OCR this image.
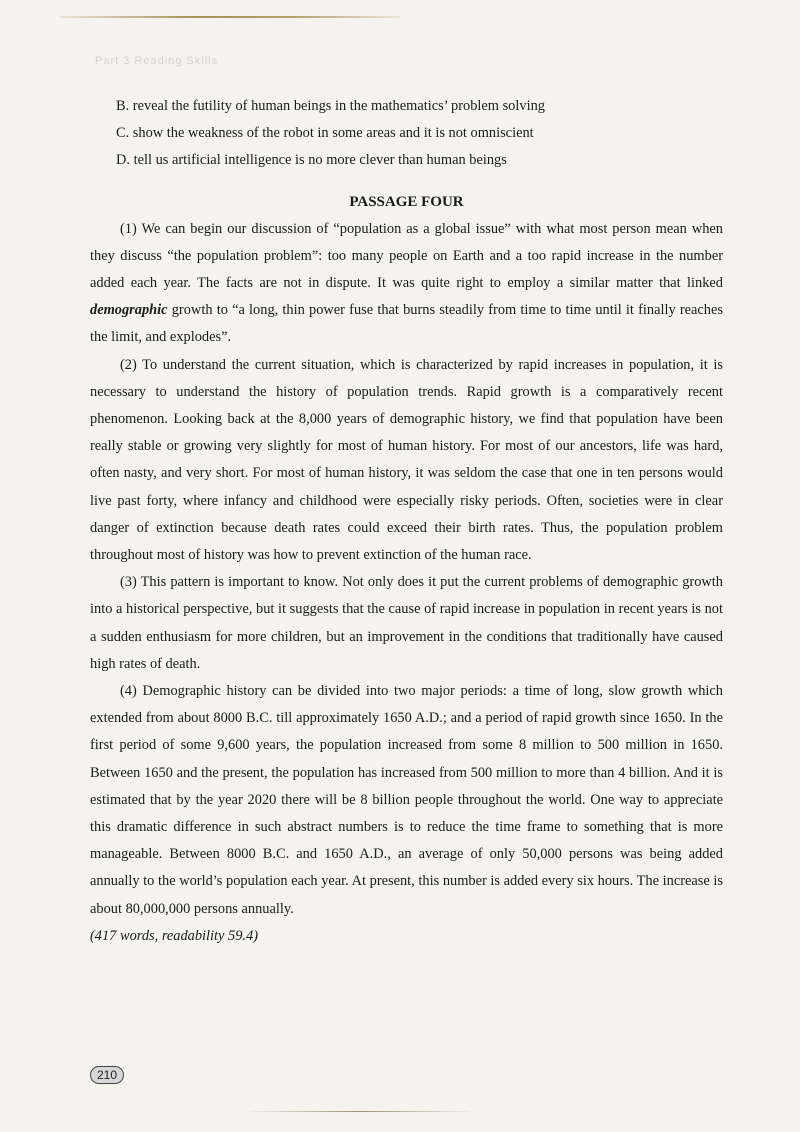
Part 3 Reading Skills

B. reveal the futility of human beings in the mathematics’ problem solving

C. show the weakness of the robot in some areas and it is not omniscient

D. tell us artificial intelligence is no more clever than human beings

PASSAGE FOUR

(1) We can begin our discussion of “population as a global issue” with what most person mean when they discuss “the population problem”: too many people on Earth and a too rapid increase in the number added each year. The facts are not in dispute. It was quite right to employ a similar matter that linked demographic growth to “a long, thin power fuse that burns steadily from time to time until it finally reaches the limit, and explodes”.

(2) To understand the current situation, which is characterized by rapid increases in population, it is necessary to understand the history of population trends. Rapid growth is a comparatively recent phenomenon. Looking back at the 8,000 years of demographic history, we find that population have been really stable or growing very slightly for most of human history. For most of our ancestors, life was hard, often nasty, and very short. For most of human history, it was seldom the case that one in ten persons would live past forty, where infancy and childhood were especially risky periods. Often, societies were in clear danger of extinction because death rates could exceed their birth rates. Thus, the population problem throughout most of history was how to prevent extinction of the human race.

(3) This pattern is important to know. Not only does it put the current problems of demographic growth into a historical perspective, but it suggests that the cause of rapid increase in population in recent years is not a sudden enthusiasm for more children, but an improvement in the conditions that traditionally have caused high rates of death.

(4) Demographic history can be divided into two major periods: a time of long, slow growth which extended from about 8000 B.C. till approximately 1650 A.D.; and a period of rapid growth since 1650. In the first period of some 9,600 years, the population increased from some 8 million to 500 million in 1650. Between 1650 and the present, the population has increased from 500 million to more than 4 billion. And it is estimated that by the year 2020 there will be 8 billion people throughout the world. One way to appreciate this dramatic difference in such abstract numbers is to reduce the time frame to something that is more manageable. Between 8000 B.C. and 1650 A.D., an average of only 50,000 persons was being added annually to the world’s population each year. At present, this number is added every six hours. The increase is about 80,000,000 persons annually.
(417 words, readability 59.4)

210
